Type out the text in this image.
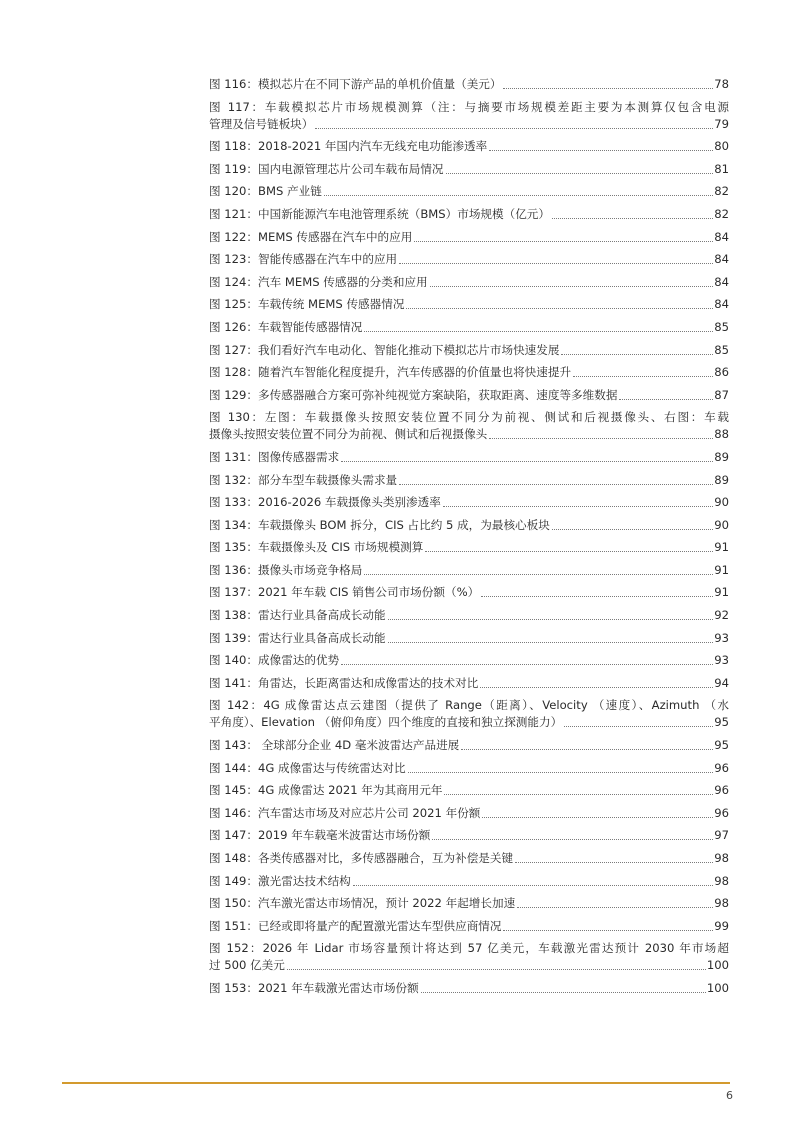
图 116：模拟芯片在不同下游产品的单机价值量（美元）	78
图 117：车载模拟芯片市场规模测算（注：与摘要市场规模差距主要为本测算仅包含电源
管理及信号链板块）	79
图 118：2018-2021 年国内汽车无线充电功能渗透率	80
图 119：国内电源管理芯片公司车载布局情况	81
图 120：BMS 产业链	82
图 121：中国新能源汽车电池管理系统（BMS）市场规模（亿元）	82
图 122：MEMS 传感器在汽车中的应用	84
图 123：智能传感器在汽车中的应用	84
图 124：汽车 MEMS 传感器的分类和应用	84
图 125：车载传统 MEMS 传感器情况	84
图 126：车载智能传感器情况	85
图 127：我们看好汽车电动化、智能化推动下模拟芯片市场快速发展	85
图 128：随着汽车智能化程度提升，汽车传感器的价值量也将快速提升	86
图 129：多传感器融合方案可弥补纯视觉方案缺陷，获取距离、速度等多维数据	87
图 130：左图：车载摄像头按照安装位置不同分为前视、侧试和后视摄像头、右图：车载
摄像头按照安装位置不同分为前视、侧试和后视摄像头	88
图 131：图像传感器需求	89
图 132：部分车型车载摄像头需求量	89
图 133：2016-2026 车载摄像头类别渗透率	90
图 134：车载摄像头 BOM 拆分，CIS 占比约 5 成，为最核心板块	90
图 135：车载摄像头及 CIS 市场规模测算	91
图 136：摄像头市场竞争格局	91
图 137：2021 年车载 CIS 销售公司市场份额（%）	91
图 138：雷达行业具备高成长动能	92
图 139：雷达行业具备高成长动能	93
图 140：成像雷达的优势	93
图 141：角雷达，长距离雷达和成像雷达的技术对比	94
图 142：4G 成像雷达点云建图（提供了 Range（距离）、Velocity （速度）、Azimuth （水
平角度）、Elevation （俯仰角度）四个维度的直接和独立探测能力）	95
图 143： 全球部分企业 4D 毫米波雷达产品进展	95
图 144：4G 成像雷达与传统雷达对比	96
图 145：4G 成像雷达 2021 年为其商用元年	96
图 146：汽车雷达市场及对应芯片公司 2021 年份额	96
图 147：2019 年车载毫米波雷达市场份额	97
图 148：各类传感器对比，多传感器融合，互为补偿是关键	98
图 149：激光雷达技术结构	98
图 150：汽车激光雷达市场情况，预计 2022 年起增长加速	98
图 151：已经或即将量产的配置激光雷达车型供应商情况	99
图 152：2026 年 Lidar 市场容量预计将达到 57 亿美元，车载激光雷达预计 2030 年市场超
过 500 亿美元	100
图 153：2021 年车载激光雷达市场份额	100
6
